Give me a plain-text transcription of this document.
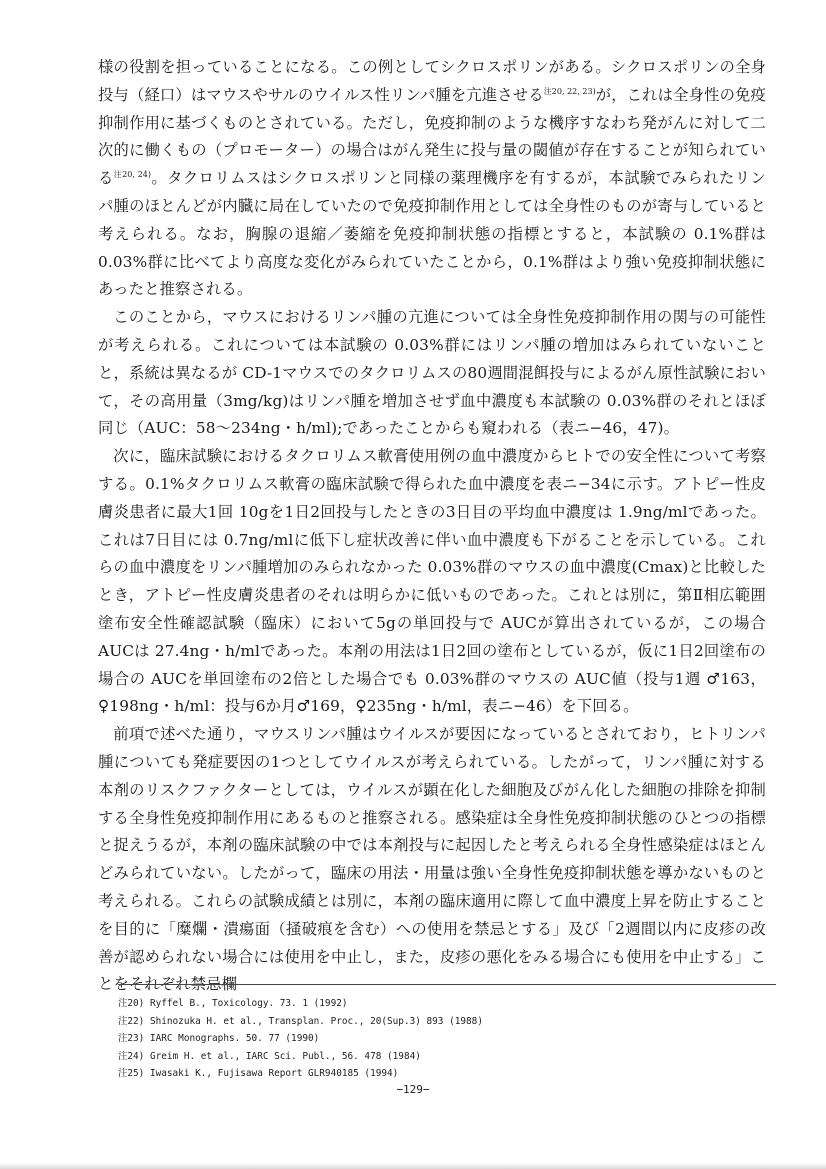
様の役割を担っていることになる。この例としてシクロスポリンがある。シクロスポリンの全身投与（経口）はマウスやサルのウイルス性リンパ腫を亢進させる$^{注20, 22, 23)}$が，これは全身性の免疫抑制作用に基づくものとされている。ただし，免疫抑制のような機序すなわち発がんに対して二次的に働くもの（プロモーター）の場合はがん発生に投与量の閾値が存在することが知られている$^{注20, 24)}$。タクロリムスはシクロスポリンと同様の薬理機序を有するが，本試験でみられたリンパ腫のほとんどが内臓に局在していたので免疫抑制作用としては全身性のものが寄与していると考えられる。なお，胸腺の退縮／萎縮を免疫抑制状態の指標とすると，本試験の 0.1%群は 0.03%群に比べてより高度な変化がみられていたことから，0.1%群はより強い免疫抑制状態にあったと推察される。

このことから，マウスにおけるリンパ腫の亢進については全身性免疫抑制作用の関与の可能性が考えられる。これについては本試験の 0.03%群にはリンパ腫の増加はみられていないことと，系統は異なるが CD-1マウスでのタクロリムスの80週間混餌投与によるがん原性試験において，その高用量（3mg/kg)はリンパ腫を増加させず血中濃度も本試験の 0.03%群のそれとほぼ同じ（AUC：58〜234ng・h/ml);であったことからも窺われる（表ニ−46，47)。

次に，臨床試験におけるタクロリムス軟膏使用例の血中濃度からヒトでの安全性について考察する。0.1%タクロリムス軟膏の臨床試験で得られた血中濃度を表ニ−34に示す。アトピー性皮膚炎患者に最大1回 10gを1日2回投与したときの3日目の平均血中濃度は 1.9ng/mlであった。これは7日目には 0.7ng/mlに低下し症状改善に伴い血中濃度も下がることを示している。これらの血中濃度をリンパ腫増加のみられなかった 0.03%群のマウスの血中濃度(Cmax)と比較したとき，アトピー性皮膚炎患者のそれは明らかに低いものであった。これとは別に，第Ⅱ相広範囲塗布安全性確認試験（臨床）において5gの単回投与で AUCが算出されているが，この場合 AUCは 27.4ng・h/mlであった。本剤の用法は1日2回の塗布としているが，仮に1日2回塗布の場合の AUCを単回塗布の2倍とした場合でも 0.03%群のマウスの AUC値（投与1週 ♂163，♀198ng・h/ml：投与6か月♂169，♀235ng・h/ml，表ニ−46）を下回る。

前項で述べた通り，マウスリンパ腫はウイルスが要因になっているとされており，ヒトリンパ腫についても発症要因の1つとしてウイルスが考えられている。したがって，リンパ腫に対する本剤のリスクファクターとしては，ウイルスが顕在化した細胞及びがん化した細胞の排除を抑制する全身性免疫抑制作用にあるものと推察される。感染症は全身性免疫抑制状態のひとつの指標と捉えうるが，本剤の臨床試験の中では本剤投与に起因したと考えられる全身性感染症はほとんどみられていない。したがって，臨床の用法・用量は強い全身性免疫抑制状態を導かないものと考えられる。これらの試験成績とは別に，本剤の臨床適用に際して血中濃度上昇を防止することを目的に「糜爛・潰瘍面（掻破痕を含む）への使用を禁忌とする」及び「2週間以内に皮疹の改善が認められない場合には使用を中止し，また，皮疹の悪化をみる場合にも使用を中止する」ことをそれぞれ禁忌欄

注20) Ryffel B., Toxicology. 73. 1 (1992)
注22) Shinozuka H. et al., Transplan. Proc., 20(Sup.3) 893 (1988)
注23) IARC Monographs. 50. 77 (1990)
注24) Greim H. et al., IARC Sci. Publ., 56. 478 (1984)
注25) Iwasaki K., Fujisawa Report GLR940185 (1994)
−129−
